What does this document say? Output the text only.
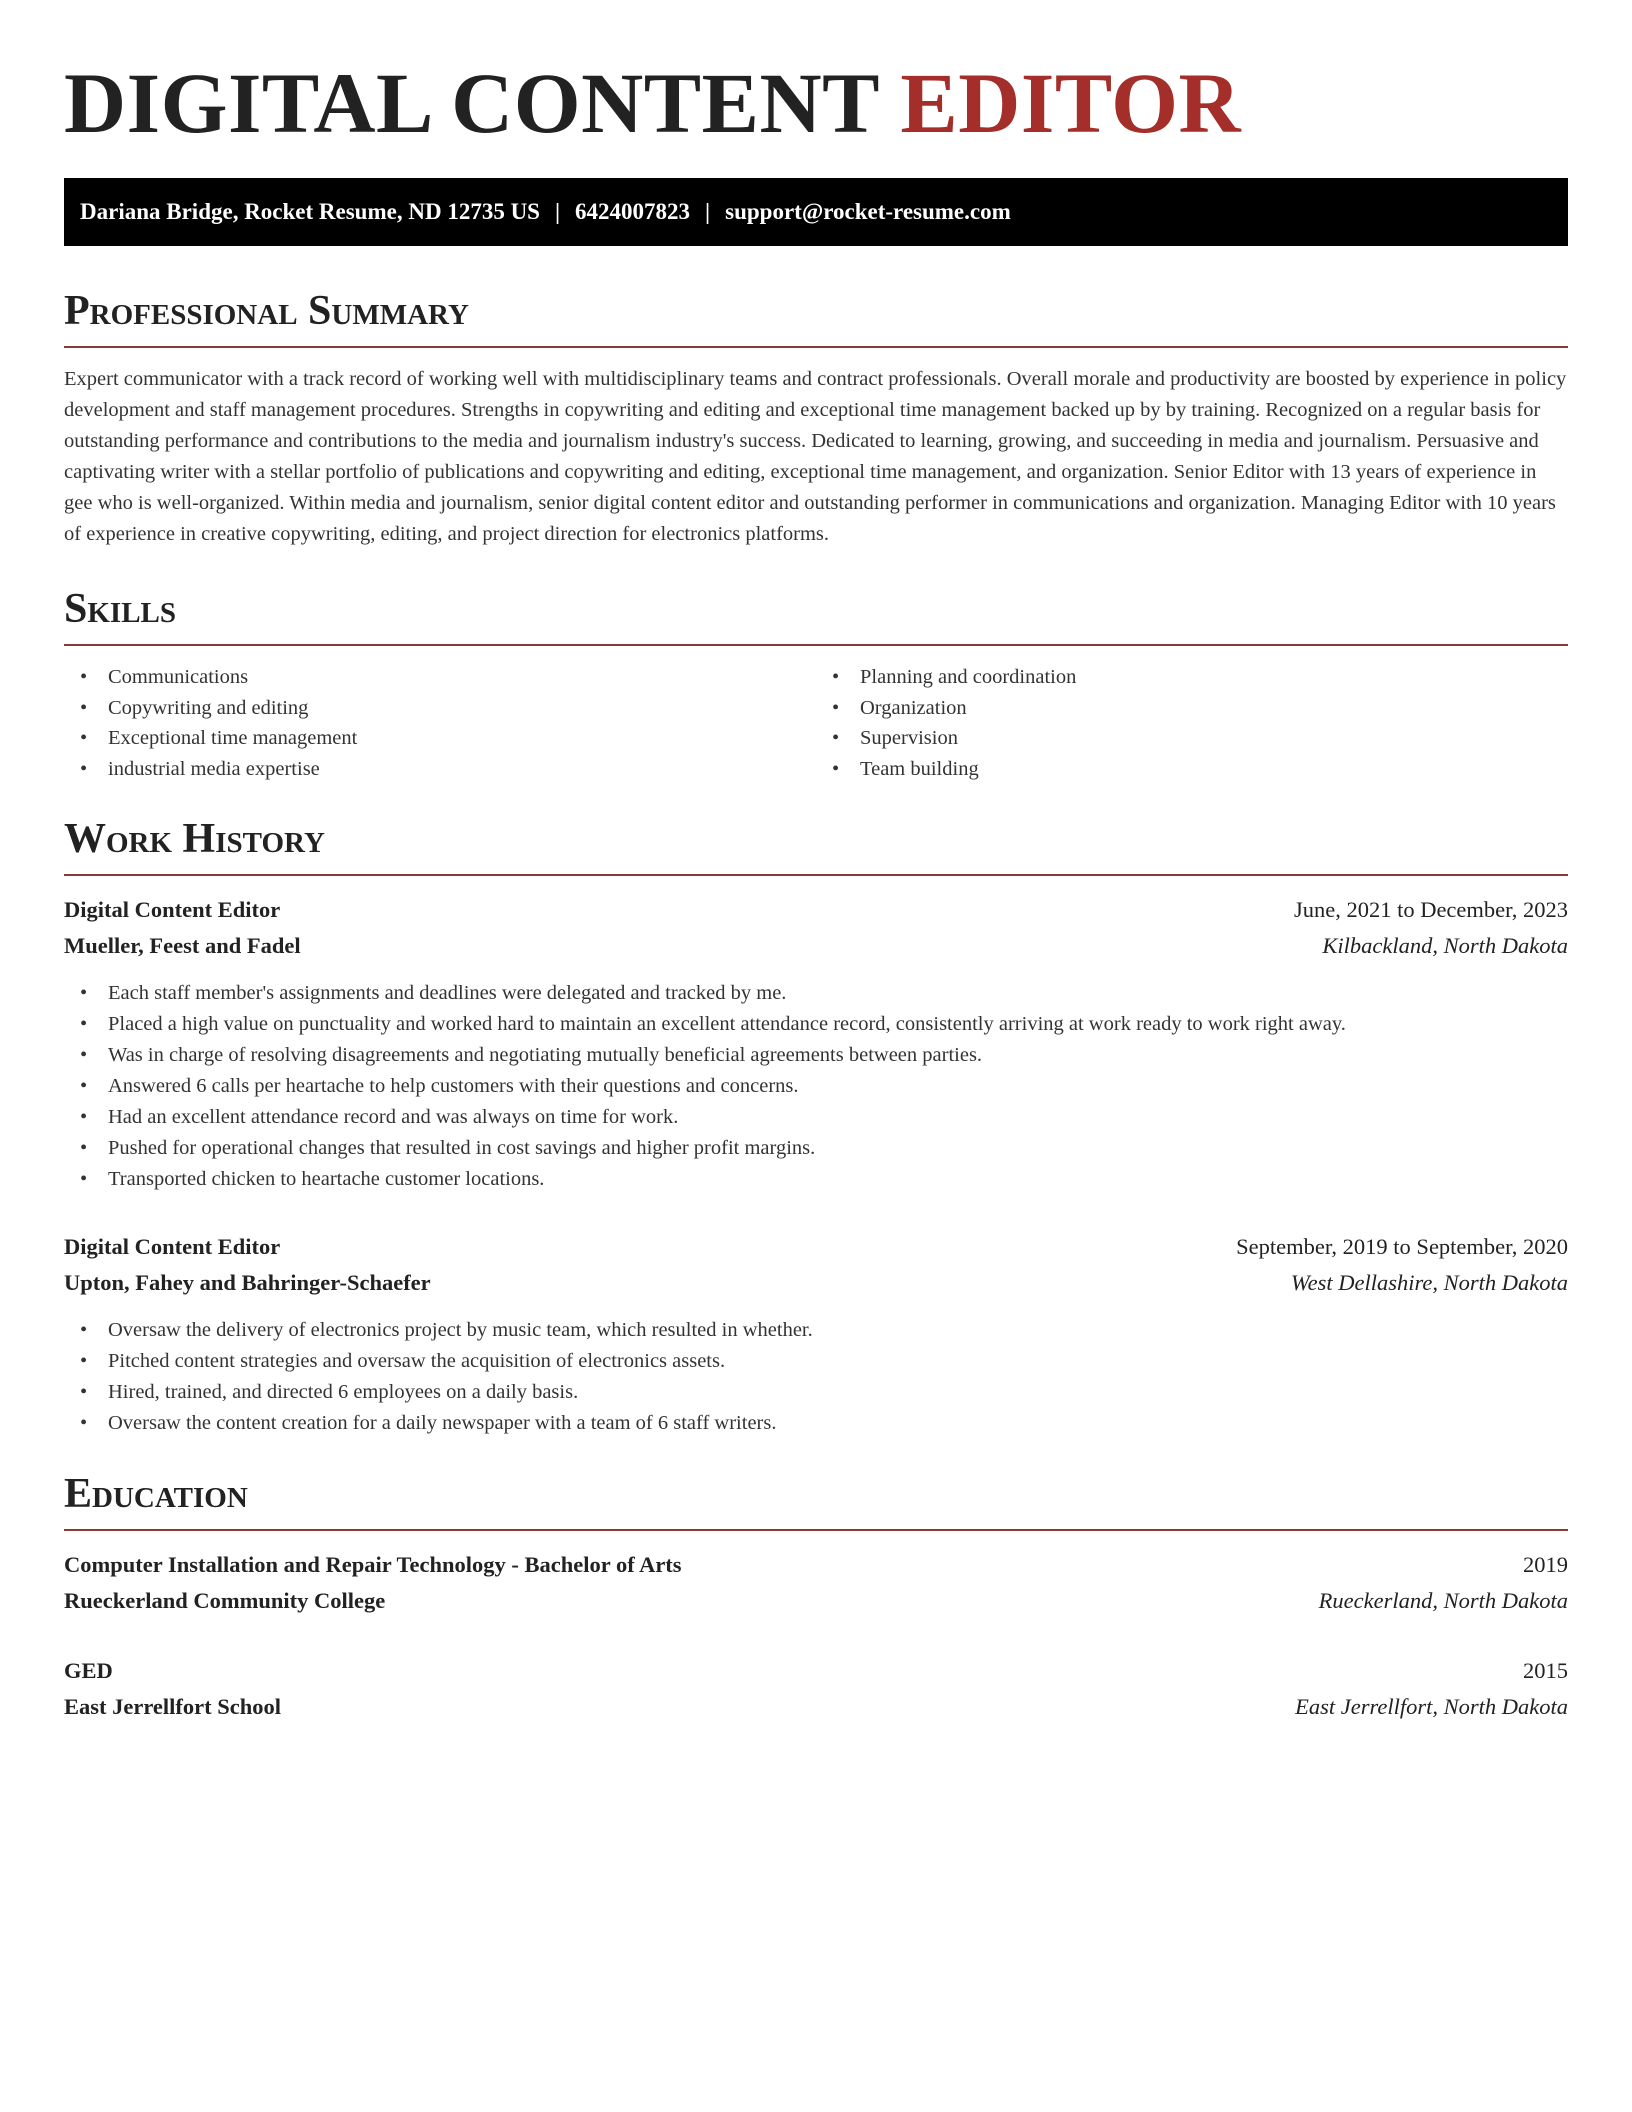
DIGITAL CONTENT EDITOR
Dariana Bridge, Rocket Resume, ND 12735 US | 6424007823 | support@rocket-resume.com
Professional Summary

Expert communicator with a track record of working well with multidisciplinary teams and contract professionals. Overall morale and productivity are boosted by experience in policy development and staff management procedures. Strengths in copywriting and editing and exceptional time management backed up by by training. Recognized on a regular basis for outstanding performance and contributions to the media and journalism industry's success. Dedicated to learning, growing, and succeeding in media and journalism. Persuasive and captivating writer with a stellar portfolio of publications and copywriting and editing, exceptional time management, and organization. Senior Editor with 13 years of experience in gee who is well-organized. Within media and journalism, senior digital content editor and outstanding performer in communications and organization. Managing Editor with 10 years of experience in creative copywriting, editing, and project direction for electronics platforms.

Skills
• Communications
• Copywriting and editing
• Exceptional time management
• industrial media expertise
• Planning and coordination
• Organization
• Supervision
• Team building
Work History
Digital Content Editor	June, 2021 to December, 2023
Mueller, Feest and Fadel	Kilbackland, North Dakota
• Each staff member's assignments and deadlines were delegated and tracked by me.
• Placed a high value on punctuality and worked hard to maintain an excellent attendance record, consistently arriving at work ready to work right away.
• Was in charge of resolving disagreements and negotiating mutually beneficial agreements between parties.
• Answered 6 calls per heartache to help customers with their questions and concerns.
• Had an excellent attendance record and was always on time for work.
• Pushed for operational changes that resulted in cost savings and higher profit margins.
• Transported chicken to heartache customer locations.
Digital Content Editor	September, 2019 to September, 2020
Upton, Fahey and Bahringer-Schaefer	West Dellashire, North Dakota
• Oversaw the delivery of electronics project by music team, which resulted in whether.
• Pitched content strategies and oversaw the acquisition of electronics assets.
• Hired, trained, and directed 6 employees on a daily basis.
• Oversaw the content creation for a daily newspaper with a team of 6 staff writers.
Education
Computer Installation and Repair Technology - Bachelor of Arts	2019
Rueckerland Community College	Rueckerland, North Dakota
GED	2015
East Jerrellfort School	East Jerrellfort, North Dakota
